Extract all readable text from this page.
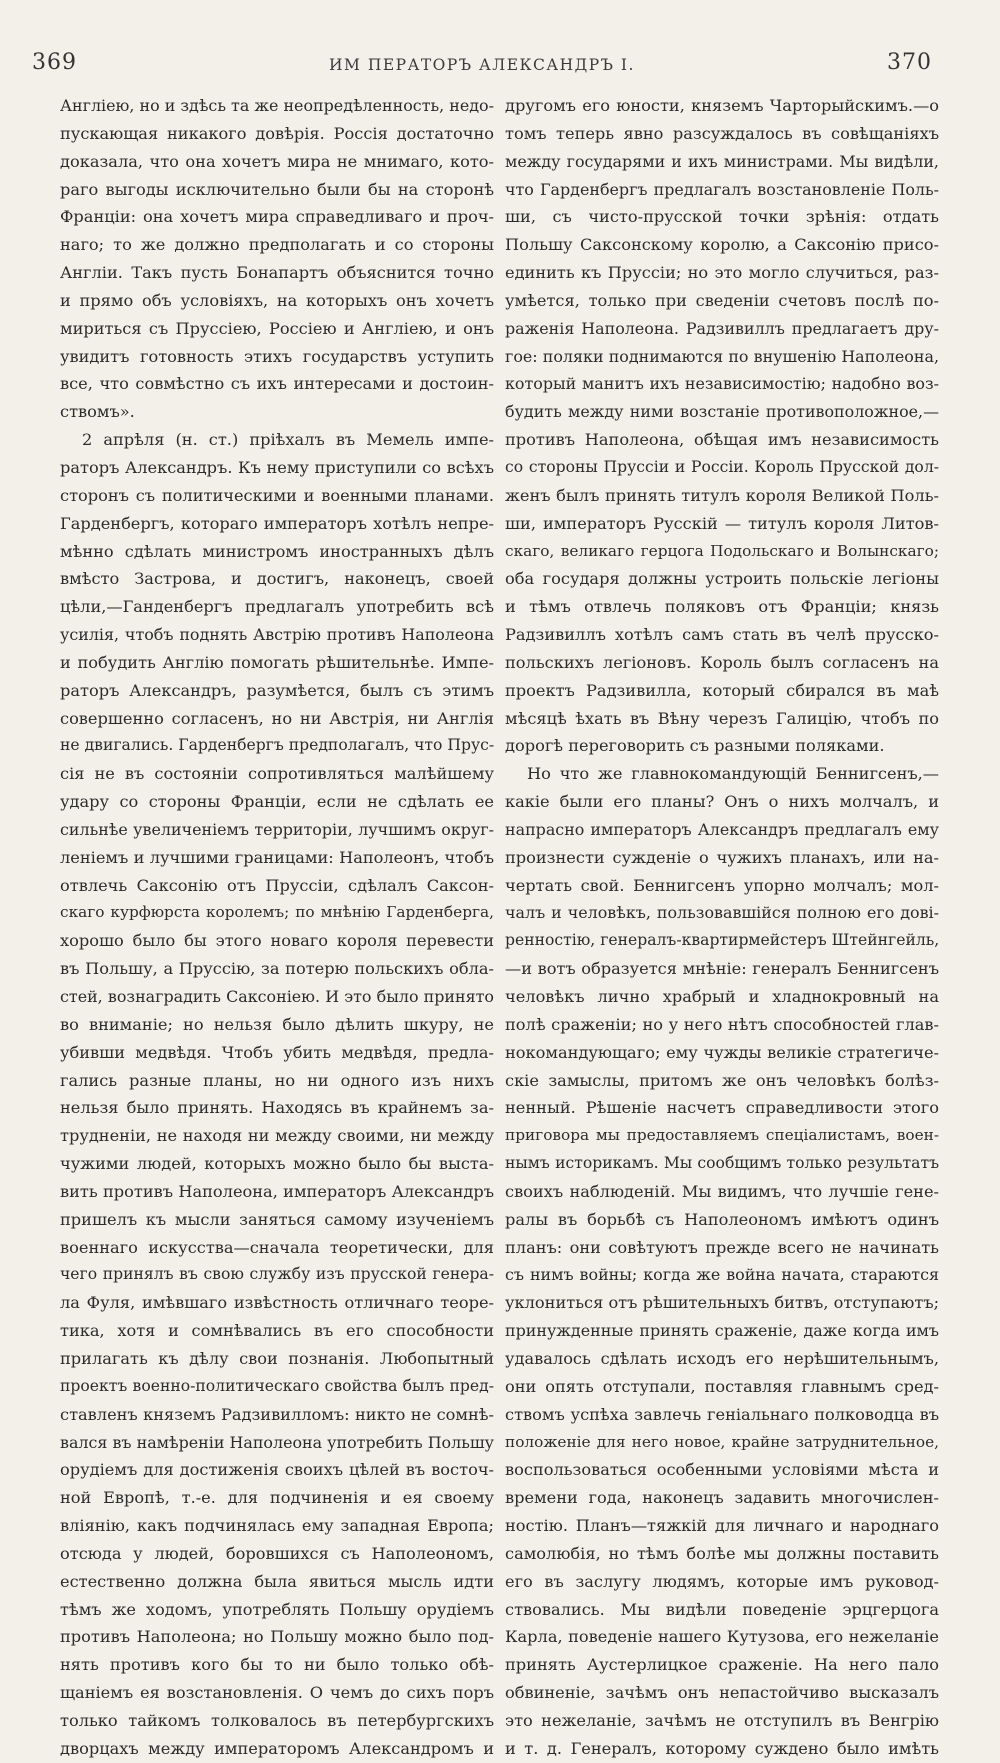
369	ИМ ПЕРАТОРЪ АЛЕКСАНДРЪ I.	370
Англіею, но и здѣсь та же неопредѣленность, недо-
пускающая никакого довѣрія. Россія достаточно
доказала, что она хочетъ мира не мнимаго, кото-
раго выгоды исключительно были бы на сторонѣ
Франціи: она хочетъ мира справедливаго и проч-
наго; то же должно предполагать и со стороны
Англіи. Такъ пусть Бонапартъ объяснится точно
и прямо объ условіяхъ, на которыхъ онъ хочетъ
мириться съ Пруссіею, Россіею и Англіею, и онъ
увидитъ готовность этихъ государствъ уступить
все, что совмѣстно съ ихъ интересами и достоин-
ствомъ».
2 апрѣля (н. ст.) пріѣхалъ въ Мемель импе-
раторъ Александръ. Къ нему приступили со всѣхъ
сторонъ съ политическими и военными планами.
Гарденбергъ, котораго императоръ хотѣлъ непре-
мѣнно сдѣлать министромъ иностранныхъ дѣлъ
вмѣсто Застрова, и достигъ, наконецъ, своей
цѣли,—Ганденбергъ предлагалъ употребить всѣ
усилія, чтобъ поднять Австрію противъ Наполеона
и побудить Англію помогать рѣшительнѣе. Импе-
раторъ Александръ, разумѣется, былъ съ этимъ
совершенно согласенъ, но ни Австрія, ни Англія
не двигались. Гарденбергъ предполагалъ, что Прус-
сія не въ состояніи сопротивляться малѣйшему
удару со стороны Франціи, если не сдѣлать ее
сильнѣе увеличеніемъ территоріи, лучшимъ округ-
леніемъ и лучшими границами: Наполеонъ, чтобъ
отвлечь Саксонію отъ Пруссіи, сдѣлалъ Саксон-
скаго курфюрста королемъ; по мнѣнію Гарденберга,
хорошо было бы этого новаго короля перевести
въ Польшу, а Пруссію, за потерю польскихъ обла-
стей, вознаградить Саксоніею. И это было принято
во вниманіе; но нельзя было дѣлить шкуру, не
убивши медвѣдя. Чтобъ убить медвѣдя, предла-
гались разные планы, но ни одного изъ нихъ
нельзя было принять. Находясь въ крайнемъ за-
трудненіи, не находя ни между своими, ни между
чужими людей, которыхъ можно было бы выста-
вить противъ Наполеона, императоръ Александръ
пришелъ къ мысли заняться самому изученіемъ
военнаго искусства—сначала теоретически, для
чего принялъ въ свою службу изъ прусской генера-
ла Фуля, имѣвшаго извѣстность отличнаго теоре-
тика, хотя и сомнѣвались въ его способности
прилагать къ дѣлу свои познанія. Любопытный
проектъ военно-политическаго свойства былъ пред-
ставленъ княземъ Радзивилломъ: никто не сомнѣ-
вался въ намѣреніи Наполеона употребить Польшу
орудіемъ для достиженія своихъ цѣлей въ восточ-
ной Европѣ, т.-е. для подчиненія и ея своему
вліянію, какъ подчинялась ему западная Европа;
отсюда у людей, боровшихся съ Наполеономъ,
естественно должна была явиться мысль идти
тѣмъ же ходомъ, употреблять Польшу орудіемъ
противъ Наполеона; но Польшу можно было под-
нять противъ кого бы то ни было только обѣ-
щаніемъ ея возстановленія. О чемъ до сихъ поръ
только тайкомъ толковалось въ петербургскихъ
дворцахъ между императоромъ Александромъ и
другомъ его юности, княземъ Чарторыйскимъ.—о
томъ теперь явно разсуждалось въ совѣщаніяхъ
между государями и ихъ министрами. Мы видѣли,
что Гарденбергъ предлагалъ возстановленіе Поль-
ши, съ чисто-прусской точки зрѣнія: отдать
Польшу Саксонскому королю, а Саксонію присо-
единить къ Пруссіи; но это могло случиться, раз-
умѣется, только при сведеніи счетовъ послѣ по-
раженія Наполеона. Радзивиллъ предлагаетъ дру-
гое: поляки поднимаются по внушенію Наполеона,
который манитъ ихъ независимостію; надобно воз-
будить между ними возстаніе противоположное,—
противъ Наполеона, обѣщая имъ независимость
со стороны Пруссіи и Россіи. Король Прусской дол-
женъ былъ принять титулъ короля Великой Поль-
ши, императоръ Русскій — титулъ короля Литов-
скаго, великаго герцога Подольскаго и Волынскаго;
оба государя должны устроить польскіе легіоны
и тѣмъ отвлечь поляковъ отъ Франціи; князь
Радзивиллъ хотѣлъ самъ стать въ челѣ прусско-
польскихъ легіоновъ. Король былъ согласенъ на
проектъ Радзивилла, который сбирался въ маѣ
мѣсяцѣ ѣхать въ Вѣну черезъ Галицію, чтобъ по
дорогѣ переговорить съ разными поляками.
Но что же главнокомандующій Беннигсенъ,—
какіе были его планы? Онъ о нихъ молчалъ, и
напрасно императоръ Александръ предлагалъ ему
произнести сужденіе о чужихъ планахъ, или на-
чертать свой. Беннигсенъ упорно молчалъ; мол-
чалъ и человѣкъ, пользовавшійся полною его дові-
ренностію, генералъ-квартирмейстеръ Штейнгейль,
—и вотъ образуется мнѣніе: генералъ Беннигсенъ
человѣкъ лично храбрый и хладнокровный на
полѣ сраженіи; но у него нѣтъ способностей глав-
нокомандующаго; ему чужды великіе стратегиче-
скіе замыслы, притомъ же онъ человѣкъ болѣз-
ненный. Рѣшеніе насчетъ справедливости этого
приговора мы предоставляемъ спеціалистамъ, воен-
нымъ историкамъ. Мы сообщимъ только результатъ
своихъ наблюденій. Мы видимъ, что лучшіе гене-
ралы въ борьбѣ съ Наполеономъ имѣютъ одинъ
планъ: они совѣтуютъ прежде всего не начинать
съ нимъ войны; когда же война начата, стараются
уклониться отъ рѣшительныхъ битвъ, отступаютъ;
принужденные принять сраженіе, даже когда имъ
удавалось сдѣлать исходъ его нерѣшительнымъ,
они опять отступали, поставляя главнымъ сред-
ствомъ успѣха завлечь геніальнаго полководца въ
положеніе для него новое, крайне затруднительное,
воспользоваться особенными условіями мѣста и
времени года, наконецъ задавить многочислен-
ностію. Планъ—тяжкій для личнаго и народнаго
самолюбія, но тѣмъ болѣе мы должны поставить
его въ заслугу людямъ, которые имъ руковод-
ствовались. Мы видѣли поведеніе эрцгерцога
Карла, поведеніе нашего Кутузова, его нежеланіе
принять Аустерлицкое сраженіе. На него пало
обвиненіе, зачѣмъ онъ непастойчиво высказалъ
это нежеланіе, зачѣмъ не отступилъ въ Венгрію
и т. д. Генералъ, которому суждено было имѣть
